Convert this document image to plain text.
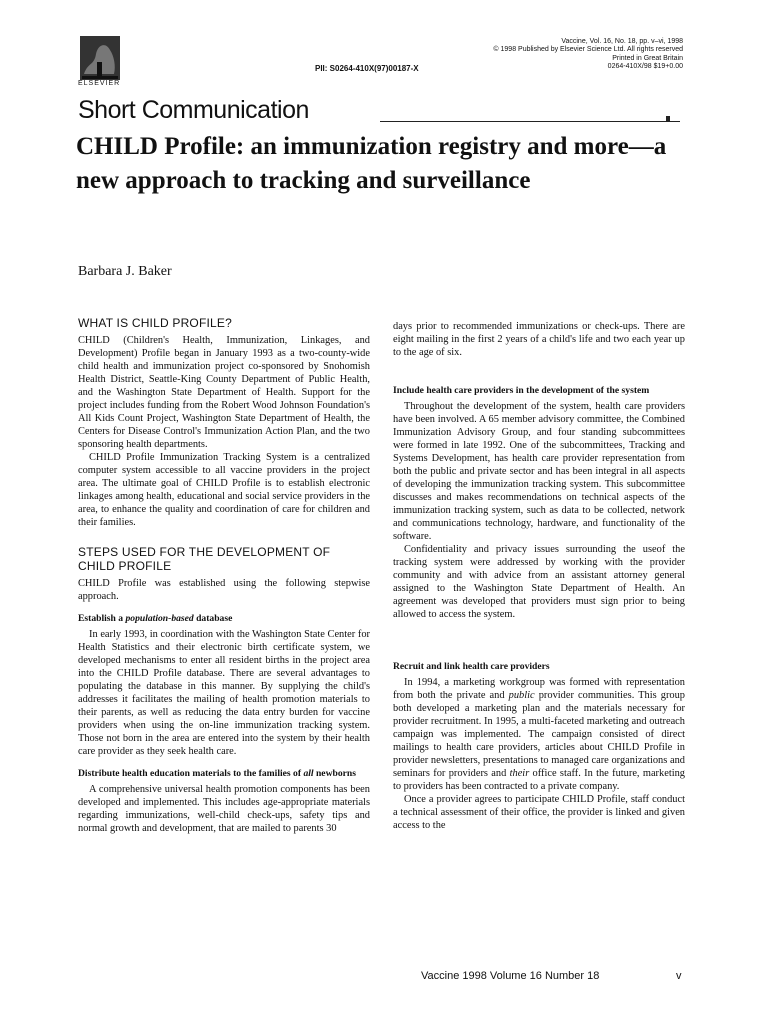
ELSEVIER
PII: S0264-410X(97)00187-X
Vaccine, Vol. 16, No. 18, pp. v–vi, 1998
© 1998 Published by Elsevier Science Ltd. All rights reserved
Printed in Great Britain
0264-410X/98 $19+0.00
Short Communication
CHILD Profile: an immunization registry and more—a new approach to tracking and surveillance
Barbara J. Baker
WHAT IS CHILD PROFILE?

CHILD (Children's Health, Immunization, Linkages, and Development) Profile began in January 1993 as a two-county-wide child health and immunization project co-sponsored by Snohomish Health District, Seattle-King County Department of Public Health, and the Washington State Department of Health. Support for the project includes funding from the Robert Wood Johnson Foundation's All Kids Count Project, Washington State Department of Health, the Centers for Disease Control's Immunization Action Plan, and the two sponsoring health departments.

CHILD Profile Immunization Tracking System is a centralized computer system accessible to all vaccine providers in the project area. The ultimate goal of CHILD Profile is to establish electronic linkages among health, educational and social service providers in the area, to enhance the quality and coordination of care for children and their families.

STEPS USED FOR THE DEVELOPMENT OF CHILD PROFILE

CHILD Profile was established using the following stepwise approach.

Establish a population-based database

In early 1993, in coordination with the Washington State Center for Health Statistics and their electronic birth certificate system, we developed mechanisms to enter all resident births in the project area into the CHILD Profile database. There are several advantages to populating the database in this manner. By supplying the child's addresses it facilitates the mailing of health promotion materials to their parents, as well as reducing the data entry burden for vaccine providers when using the on-line immunization tracking system. Those not born in the area are entered into the system by their health care provider as they seek health care.

Distribute health education materials to the families of all newborns

A comprehensive universal health promotion components has been developed and implemented. This includes age-appropriate materials regarding immunizations, well-child check-ups, safety tips and normal growth and development, that are mailed to parents 30

days prior to recommended immunizations or check-ups. There are eight mailing in the first 2 years of a child's life and two each year up to the age of six.

Include health care providers in the development of the system

Throughout the development of the system, health care providers have been involved. A 65 member advisory committee, the Combined Immunization Advisory Group, and four standing subcommittees were formed in late 1992. One of the subcommittees, Tracking and Systems Development, has health care provider representation from both the public and private sector and has been integral in all aspects of developing the immunization tracking system. This subcommittee discusses and makes recommendations on technical aspects of the immunization tracking system, such as data to be collected, network and communications technology, hardware, and functionality of the software.

Confidentiality and privacy issues surrounding the useof the tracking system were addressed by working with the provider community and with advice from an assistant attorney general assigned to the Washington State Department of Health. An agreement was developed that providers must sign prior to being allowed to access the system.

Recruit and link health care providers

In 1994, a marketing workgroup was formed with representation from both the private and public provider communities. This group both developed a marketing plan and the materials necessary for provider recruitment. In 1995, a multi-faceted marketing and outreach campaign was implemented. The campaign consisted of direct mailings to health care providers, articles about CHILD Profile in provider newsletters, presentations to managed care organizations and seminars for providers and their office staff. In the future, marketing to providers has been contracted to a private company.

Once a provider agrees to participate CHILD Profile, staff conduct a technical assessment of their office, the provider is linked and given access to the

Vaccine 1998 Volume 16 Number 18	v
